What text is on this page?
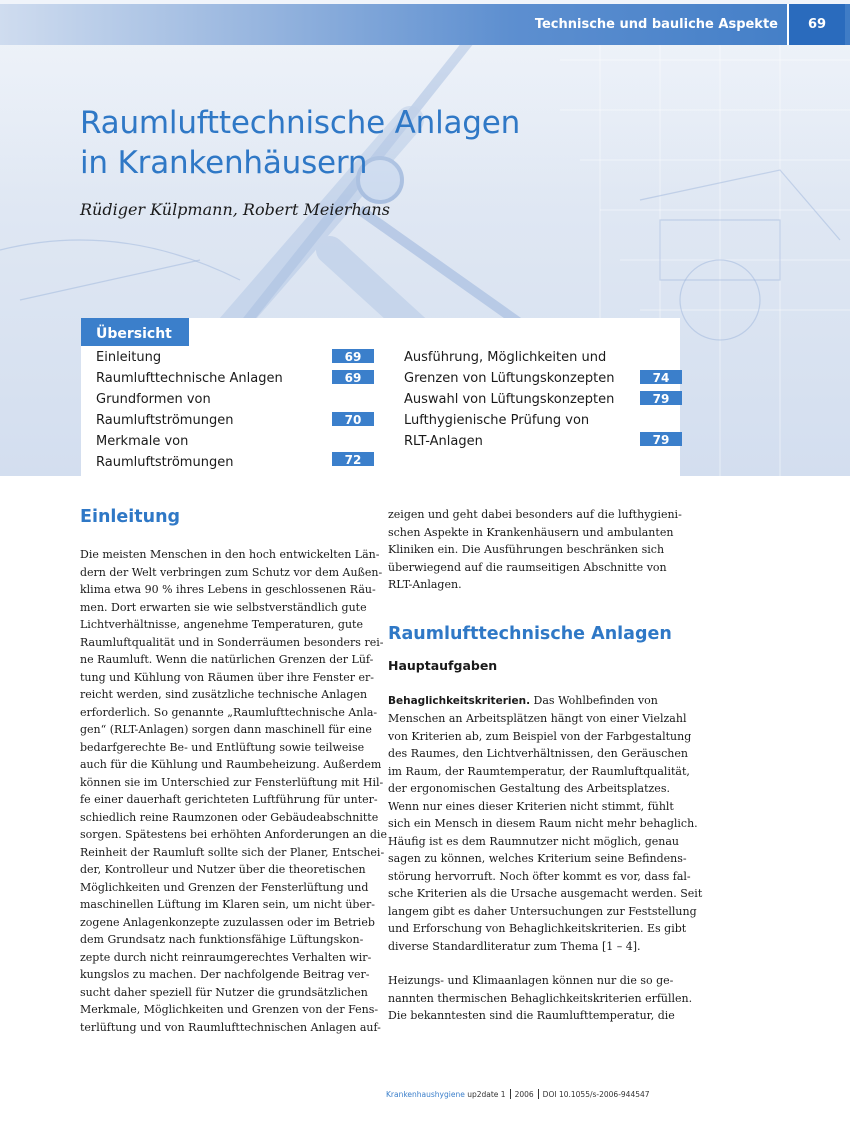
Technische und bauliche Aspekte	69
Raumlufttechnische Anlagen
in Krankenhäusern
Rüdiger Külpmann, Robert Meierhans
Übersicht
Einleitung	69
Raumlufttechnische Anlagen	69
Grundformen von
Raumluftströmungen	70
Merkmale von
Raumluftströmungen	72
Ausführung, Möglichkeiten und
Grenzen von Lüftungskonzepten	74
Auswahl von Lüftungskonzepten	79
Lufthygienische Prüfung von
RLT-Anlagen	79
Einleitung
Die meisten Menschen in den hoch entwickelten Län-
dern der Welt verbringen zum Schutz vor dem Außen-
klima etwa 90 % ihres Lebens in geschlossenen Räu-
men. Dort erwarten sie wie selbstverständlich gute
Lichtverhältnisse, angenehme Temperaturen, gute
Raumluftqualität und in Sonderräumen besonders rei-
ne Raumluft. Wenn die natürlichen Grenzen der Lüf-
tung und Kühlung von Räumen über ihre Fenster er-
reicht werden, sind zusätzliche technische Anlagen
erforderlich. So genannte „Raumlufttechnische Anla-
gen“ (RLT-Anlagen) sorgen dann maschinell für eine
bedarfgerechte Be- und Entlüftung sowie teilweise
auch für die Kühlung und Raumbeheizung. Außerdem
können sie im Unterschied zur Fensterlüftung mit Hil-
fe einer dauerhaft gerichteten Luftführung für unter-
schiedlich reine Raumzonen oder Gebäudeabschnitte
sorgen. Spätestens bei erhöhten Anforderungen an die
Reinheit der Raumluft sollte sich der Planer, Entschei-
der, Kontrolleur und Nutzer über die theoretischen
Möglichkeiten und Grenzen der Fensterlüftung und
maschinellen Lüftung im Klaren sein, um nicht über-
zogene Anlagenkonzepte zuzulassen oder im Betrieb
dem Grundsatz nach funktionsfähige Lüftungskon-
zepte durch nicht reinraumgerechtes Verhalten wir-
kungslos zu machen. Der nachfolgende Beitrag ver-
sucht daher speziell für Nutzer die grundsätzlichen
Merkmale, Möglichkeiten und Grenzen von der Fens-
terlüftung und von Raumlufttechnischen Anlagen auf-
zeigen und geht dabei besonders auf die lufthygieni-
schen Aspekte in Krankenhäusern und ambulanten
Kliniken ein. Die Ausführungen beschränken sich
überwiegend auf die raumseitigen Abschnitte von
RLT-Anlagen.
Raumlufttechnische Anlagen
Hauptaufgaben
Behaglichkeitskriterien. Das Wohlbefinden von
Menschen an Arbeitsplätzen hängt von einer Vielzahl
von Kriterien ab, zum Beispiel von der Farbgestaltung
des Raumes, den Lichtverhältnissen, den Geräuschen
im Raum, der Raumtemperatur, der Raumluftqualität,
der ergonomischen Gestaltung des Arbeitsplatzes.
Wenn nur eines dieser Kriterien nicht stimmt, fühlt
sich ein Mensch in diesem Raum nicht mehr behaglich.
Häufig ist es dem Raumnutzer nicht möglich, genau
sagen zu können, welches Kriterium seine Befindens-
störung hervorruft. Noch öfter kommt es vor, dass fal-
sche Kriterien als die Ursache ausgemacht werden. Seit
langem gibt es daher Untersuchungen zur Feststellung
und Erforschung von Behaglichkeitskriterien. Es gibt
diverse Standardliteratur zum Thema [1 – 4].
Heizungs- und Klimaanlagen können nur die so ge-
nannten thermischen Behaglichkeitskriterien erfüllen.
Die bekanntesten sind die Raumlufttemperatur, die
Krankenhaushygiene up2date 1 2006 DOI 10.1055/s-2006-944547
